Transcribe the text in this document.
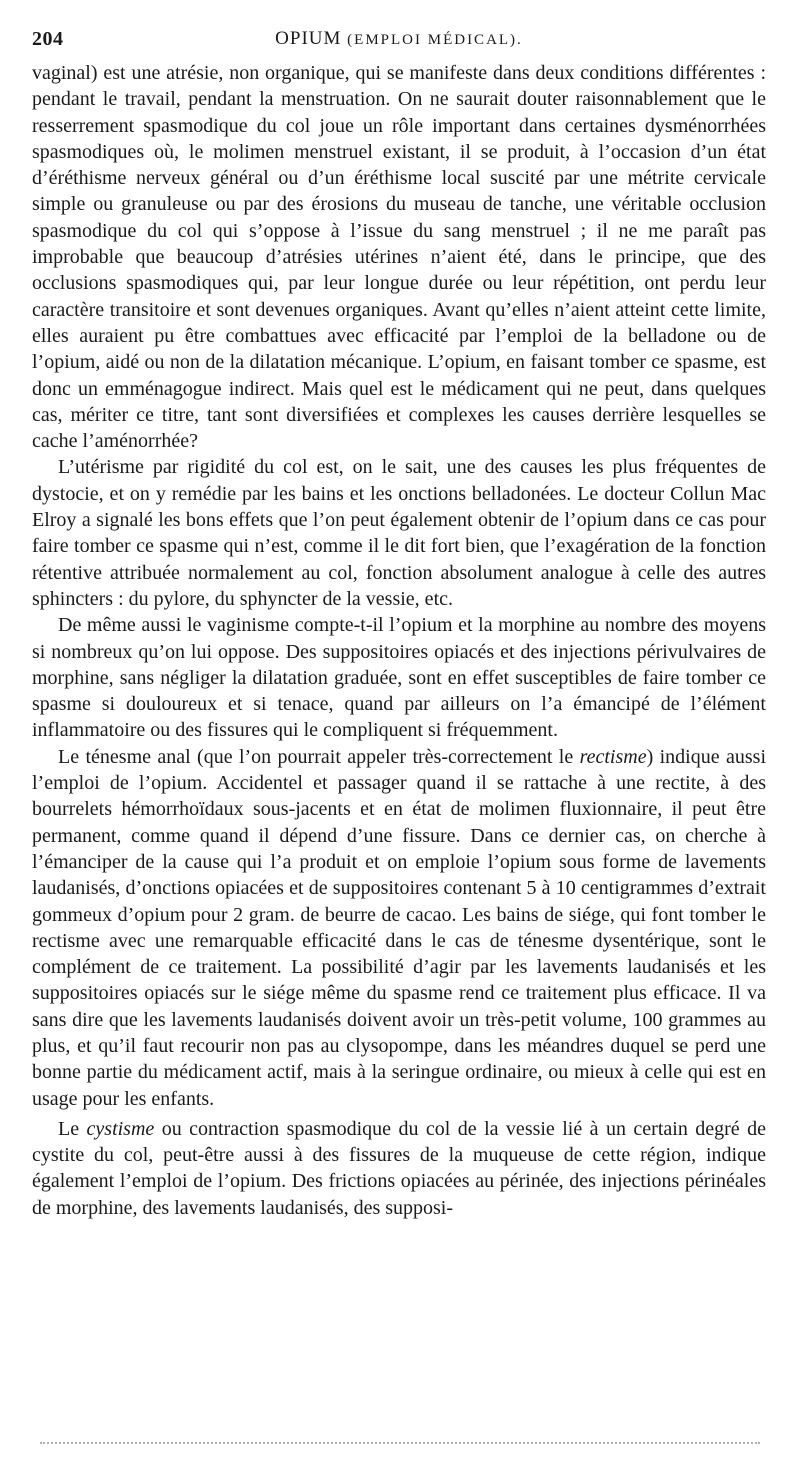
204	OPIUM (EMPLOI MÉDICAL).

vaginal) est une atrésie, non organique, qui se manifeste dans deux conditions différentes : pendant le travail, pendant la menstruation. On ne saurait douter raisonnablement que le resserrement spasmodique du col joue un rôle important dans certaines dysménorrhées spasmodiques où, le molimen menstruel existant, il se produit, à l’occasion d’un état d’éréthisme nerveux général ou d’un éréthisme local suscité par une métrite cervicale simple ou granuleuse ou par des érosions du museau de tanche, une véritable occlusion spasmodique du col qui s’oppose à l’issue du sang menstruel ; il ne me paraît pas improbable que beaucoup d’atrésies utérines n’aient été, dans le principe, que des occlusions spasmodiques qui, par leur longue durée ou leur répétition, ont perdu leur caractère transitoire et sont devenues organiques. Avant qu’elles n’aient atteint cette limite, elles auraient pu être combattues avec efficacité par l’emploi de la belladone ou de l’opium, aidé ou non de la dilatation mécanique. L’opium, en faisant tomber ce spasme, est donc un emménagogue indirect. Mais quel est le médicament qui ne peut, dans quelques cas, mériter ce titre, tant sont diversifiées et complexes les causes derrière lesquelles se cache l’aménorrhée?

L’utérisme par rigidité du col est, on le sait, une des causes les plus fréquentes de dystocie, et on y remédie par les bains et les onctions belladonées. Le docteur Collun Mac Elroy a signalé les bons effets que l’on peut également obtenir de l’opium dans ce cas pour faire tomber ce spasme qui n’est, comme il le dit fort bien, que l’exagération de la fonction rétentive attribuée normalement au col, fonction absolument analogue à celle des autres sphincters : du pylore, du sphyncter de la vessie, etc.

De même aussi le vaginisme compte-t-il l’opium et la morphine au nombre des moyens si nombreux qu’on lui oppose. Des suppositoires opiacés et des injections périvulvaires de morphine, sans négliger la dilatation graduée, sont en effet susceptibles de faire tomber ce spasme si douloureux et si tenace, quand par ailleurs on l’a émancipé de l’élément inflammatoire ou des fissures qui le compliquent si fréquemment.

Le ténesme anal (que l’on pourrait appeler très-correctement le rectisme) indique aussi l’emploi de l’opium. Accidentel et passager quand il se rattache à une rectite, à des bourrelets hémorrhoïdaux sous-jacents et en état de molimen fluxionnaire, il peut être permanent, comme quand il dépend d’une fissure. Dans ce dernier cas, on cherche à l’émanciper de la cause qui l’a produit et on emploie l’opium sous forme de lavements laudanisés, d’onctions opiacées et de suppositoires contenant 5 à 10 centigrammes d’extrait gommeux d’opium pour 2 gram. de beurre de cacao. Les bains de siége, qui font tomber le rectisme avec une remarquable efficacité dans le cas de ténesme dysentérique, sont le complément de ce traitement. La possibilité d’agir par les lavements laudanisés et les suppositoires opiacés sur le siége même du spasme rend ce traitement plus efficace. Il va sans dire que les lavements laudanisés doivent avoir un très-petit volume, 100 grammes au plus, et qu’il faut recourir non pas au clysopompe, dans les méandres duquel se perd une bonne partie du médicament actif, mais à la seringue ordinaire, ou mieux à celle qui est en usage pour les enfants.

Le cystisme ou contraction spasmodique du col de la vessie lié à un certain degré de cystite du col, peut-être aussi à des fissures de la muqueuse de cette région, indique également l’emploi de l’opium. Des frictions opiacées au périnée, des injections périnéales de morphine, des lavements laudanisés, des supposi-
